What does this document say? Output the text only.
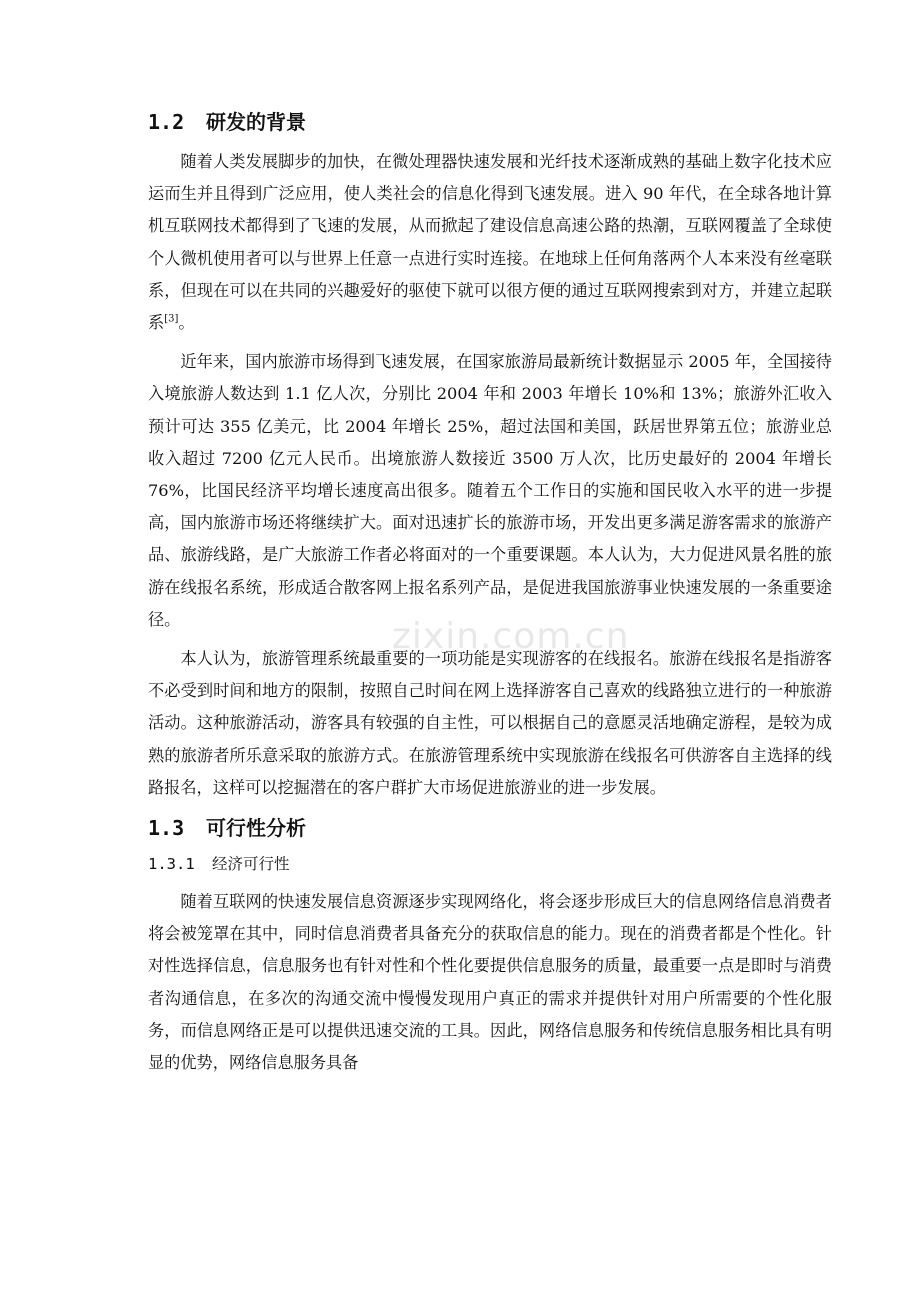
1.2 研发的背景

随着人类发展脚步的加快，在微处理器快速发展和光纤技术逐渐成熟的基础上数字化技术应运而生并且得到广泛应用，使人类社会的信息化得到飞速发展。进入 90 年代，在全球各地计算机互联网技术都得到了飞速的发展，从而掀起了建设信息高速公路的热潮，互联网覆盖了全球使个人微机使用者可以与世界上任意一点进行实时连接。在地球上任何角落两个人本来没有丝毫联系，但现在可以在共同的兴趣爱好的驱使下就可以很方便的通过互联网搜索到对方，并建立起联系[3]。

近年来，国内旅游市场得到飞速发展，在国家旅游局最新统计数据显示 2005 年，全国接待入境旅游人数达到 1.1 亿人次，分别比 2004 年和 2003 年增长 10%和 13%；旅游外汇收入预计可达 355 亿美元，比 2004 年增长 25%，超过法国和美国，跃居世界第五位；旅游业总收入超过 7200 亿元人民币。出境旅游人数接近 3500 万人次，比历史最好的 2004 年增长 76%，比国民经济平均增长速度高出很多。随着五个工作日的实施和国民收入水平的进一步提高，国内旅游市场还将继续扩大。面对迅速扩长的旅游市场，开发出更多满足游客需求的旅游产品、旅游线路，是广大旅游工作者必将面对的一个重要课题。本人认为，大力促进风景名胜的旅游在线报名系统，形成适合散客网上报名系列产品，是促进我国旅游事业快速发展的一条重要途径。

本人认为，旅游管理系统最重要的一项功能是实现游客的在线报名。旅游在线报名是指游客不必受到时间和地方的限制，按照自己时间在网上选择游客自己喜欢的线路独立进行的一种旅游活动。这种旅游活动，游客具有较强的自主性，可以根据自己的意愿灵活地确定游程，是较为成熟的旅游者所乐意采取的旅游方式。在旅游管理系统中实现旅游在线报名可供游客自主选择的线路报名，这样可以挖掘潜在的客户群扩大市场促进旅游业的进一步发展。

1.3 可行性分析
1.3.1 经济可行性

随着互联网的快速发展信息资源逐步实现网络化，将会逐步形成巨大的信息网络信息消费者将会被笼罩在其中，同时信息消费者具备充分的获取信息的能力。现在的消费者都是个性化。针对性选择信息，信息服务也有针对性和个性化要提供信息服务的质量，最重要一点是即时与消费者沟通信息，在多次的沟通交流中慢慢发现用户真正的需求并提供针对用户所需要的个性化服务，而信息网络正是可以提供迅速交流的工具。因此，网络信息服务和传统信息服务相比具有明显的优势，网络信息服务具备

zixin.com.cn
